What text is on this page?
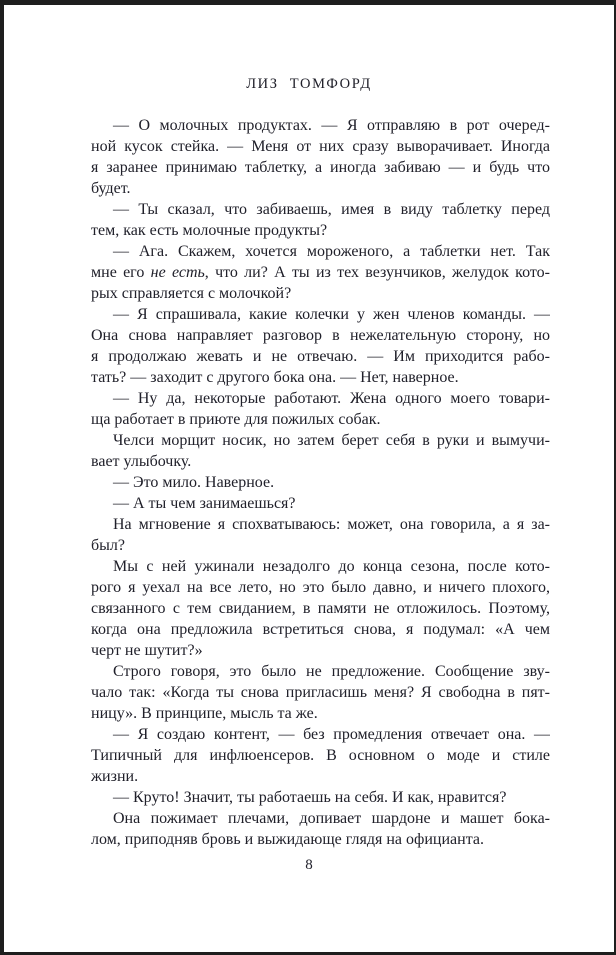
ЛИЗ ТОМФОРД
— О молочных продуктах. — Я отправляю в рот очеред-
ной кусок стейка. — Меня от них сразу выворачивает. Иногда
я заранее принимаю таблетку, а иногда забиваю — и будь что
будет.
— Ты сказал, что забиваешь, имея в виду таблетку перед
тем, как есть молочные продукты?
— Ага. Скажем, хочется мороженого, а таблетки нет. Так
мне его не есть, что ли? А ты из тех везунчиков, желудок кото-
рых справляется с молочкой?
— Я спрашивала, какие колечки у жен членов команды. —
Она снова направляет разговор в нежелательную сторону, но
я продолжаю жевать и не отвечаю. — Им приходится рабо-
тать? — заходит с другого бока она. — Нет, наверное.
— Ну да, некоторые работают. Жена одного моего товари-
ща работает в приюте для пожилых собак.
Челси морщит носик, но затем берет себя в руки и вымучи-
вает улыбочку.
— Это мило. Наверное.
— А ты чем занимаешься?
На мгновение я спохватываюсь: может, она говорила, а я за-
был?
Мы с ней ужинали незадолго до конца сезона, после кото-
рого я уехал на все лето, но это было давно, и ничего плохого,
связанного с тем свиданием, в памяти не отложилось. Поэтому,
когда она предложила встретиться снова, я подумал: «А чем
черт не шутит?»
Строго говоря, это было не предложение. Сообщение зву-
чало так: «Когда ты снова пригласишь меня? Я свободна в пят-
ницу». В принципе, мысль та же.
— Я создаю контент, — без промедления отвечает она. —
Типичный для инфлюенсеров. В основном о моде и стиле
жизни.
— Круто! Значит, ты работаешь на себя. И как, нравится?
Она пожимает плечами, допивает шардоне и машет бока-
лом, приподняв бровь и выжидающе глядя на официанта.
8
